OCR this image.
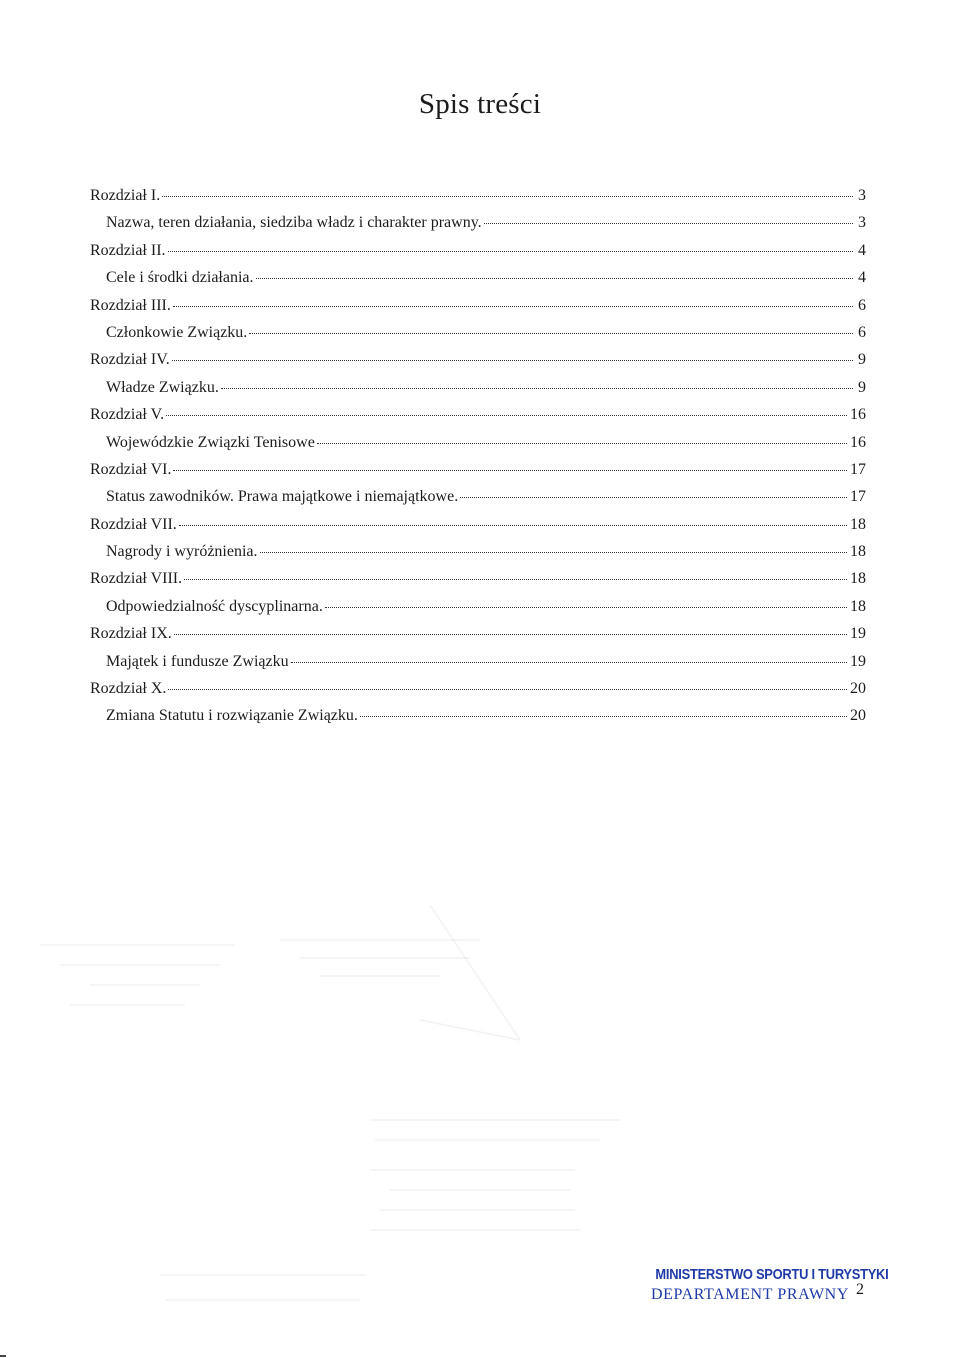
Spis treści
Rozdział I.	3
Nazwa, teren działania, siedziba władz i charakter prawny.	3
Rozdział II.	4
Cele i środki działania.	4
Rozdział III.	6
Członkowie Związku.	6
Rozdział IV.	9
Władze Związku.	9
Rozdział V.	16
Wojewódzkie Związki Tenisowe	16
Rozdział VI.	17
Status zawodników. Prawa majątkowe i niemajątkowe.	17
Rozdział VII.	18
Nagrody i wyróżnienia.	18
Rozdział VIII.	18
Odpowiedzialność dyscyplinarna.	18
Rozdział IX.	19
Majątek i fundusze Związku	19
Rozdział X.	20
Zmiana Statutu i rozwiązanie Związku.	20
MINISTERSTWO SPORTU I TURYSTYKI
DEPARTAMENT PRAWNY 2
